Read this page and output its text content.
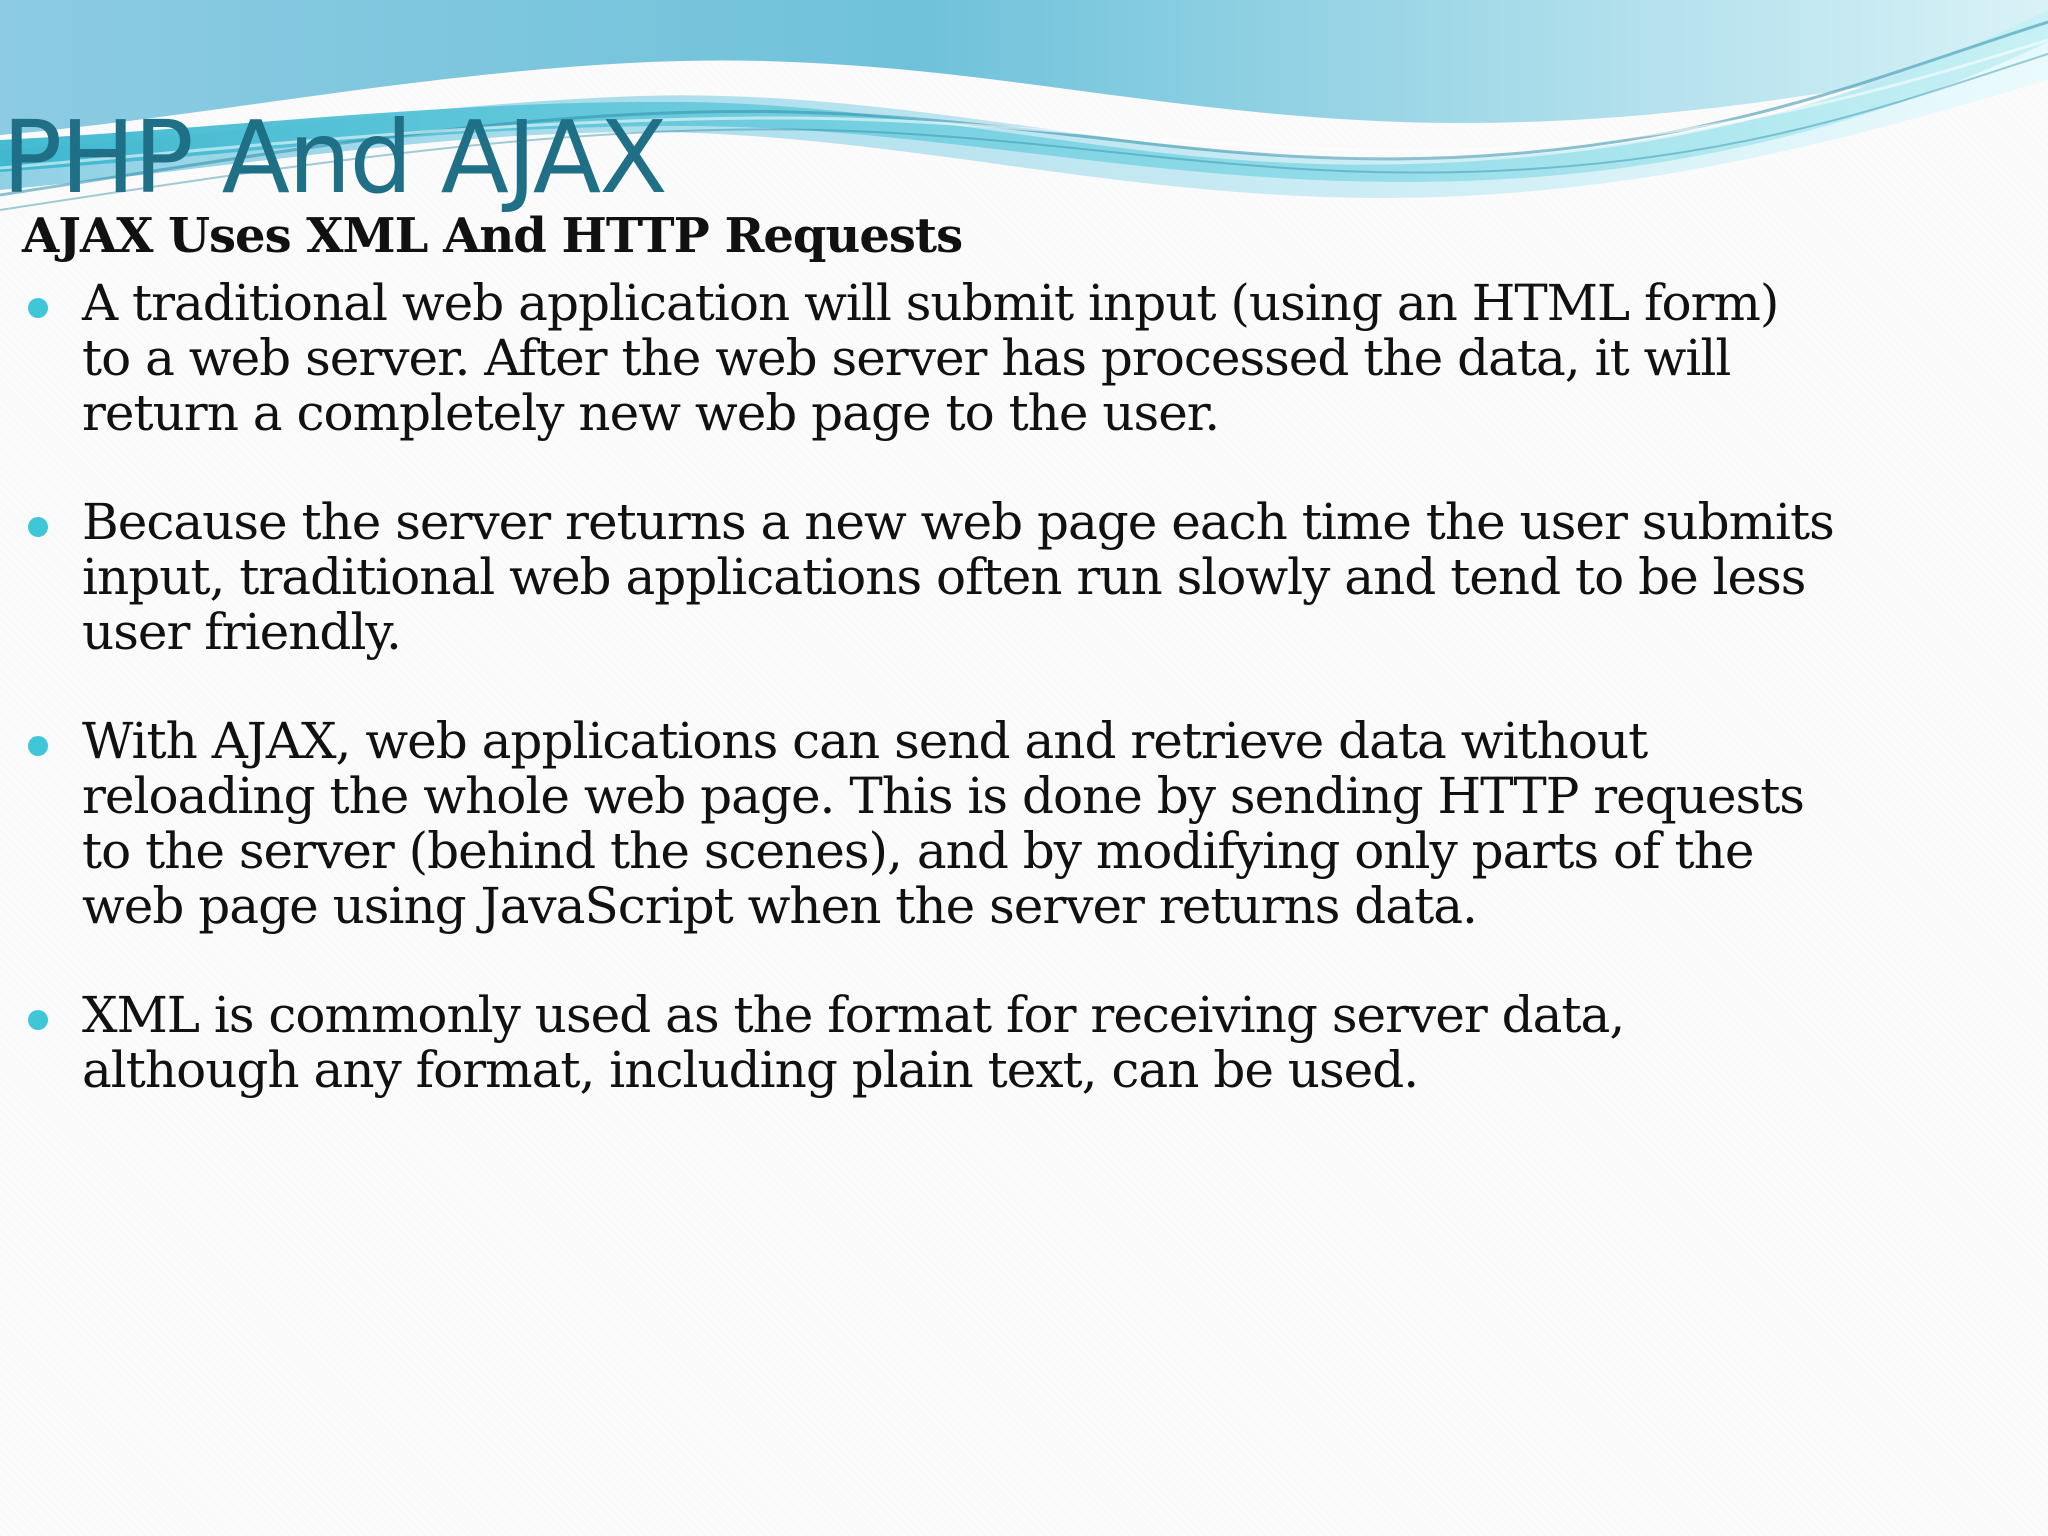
PHP And AJAX
AJAX Uses XML And HTTP Requests
A traditional web application will submit input (using an HTML form) to a web server. After the web server has processed the data, it will return a completely new web page to the user.
Because the server returns a new web page each time the user submits input, traditional web applications often run slowly and tend to be less user friendly.
With AJAX, web applications can send and retrieve data without reloading the whole web page. This is done by sending HTTP requests to the server (behind the scenes), and by modifying only parts of the web page using JavaScript when the server returns data.
XML is commonly used as the format for receiving server data, although any format, including plain text, can be used.
